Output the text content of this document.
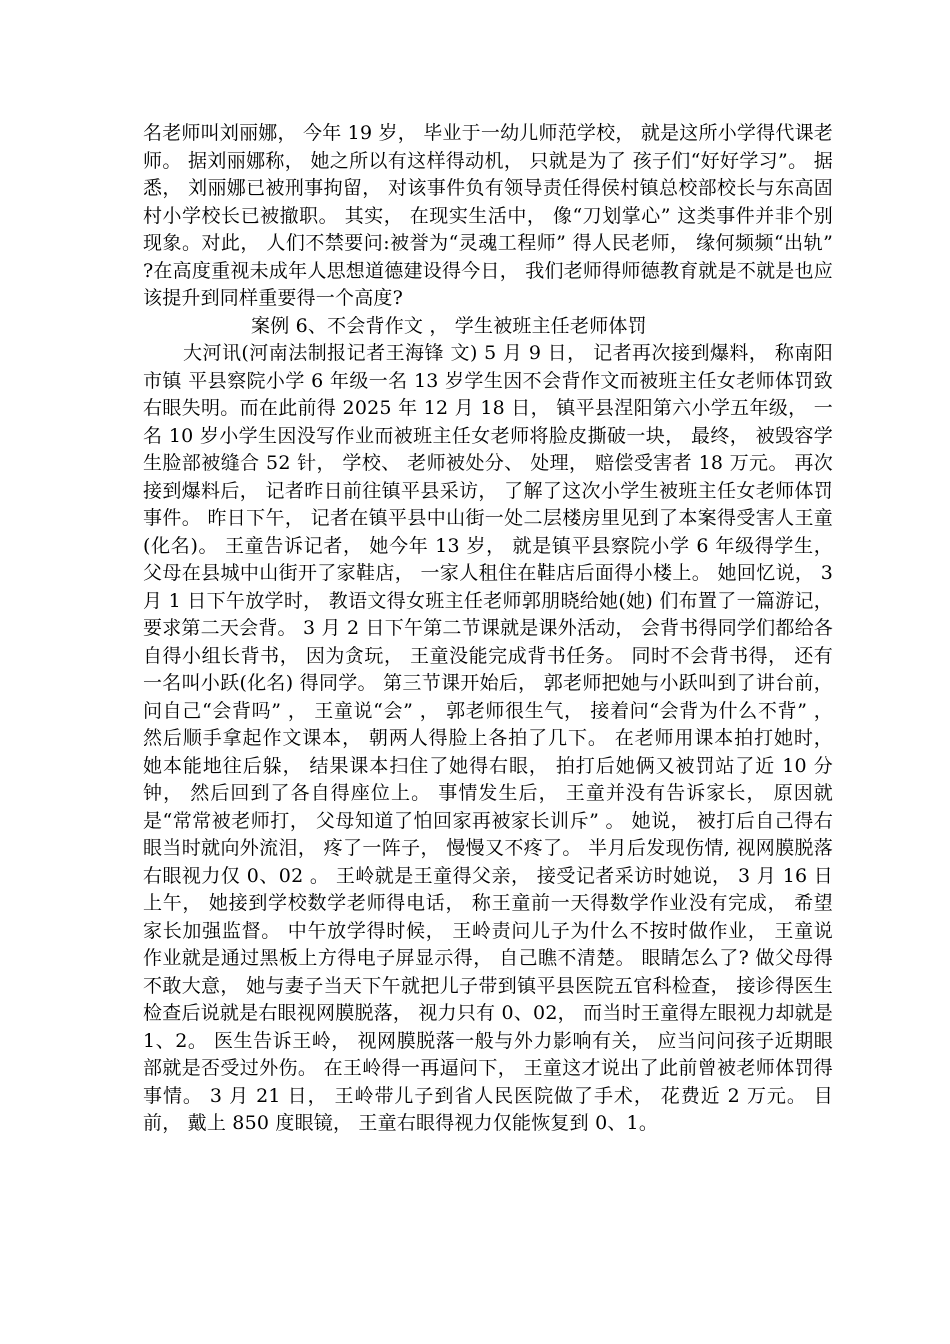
名老师叫刘丽娜， 今年 19 岁， 毕业于一幼儿师范学校， 就是这所小学得代课老师。 据刘丽娜称， 她之所以有这样得动机， 只就是为了 孩子们“好好学习”。 据悉， 刘丽娜已被刑事拘留， 对该事件负有领导责任得侯村镇总校部校长与东高固村小学校长已被撤职。 其实， 在现实生活中， 像“刀划掌心” 这类事件并非个别现象。对此， 人们不禁要问:被誉为“灵魂工程师” 得人民老师， 缘何频频“出轨” ?在高度重视未成年人思想道德建设得今日， 我们老师得师德教育就是不就是也应该提升到同样重要得一个高度?

案例 6、不会背作文 ， 学生被班主任老师体罚

大河讯(河南法制报记者王海锋 文) 5 月 9 日， 记者再次接到爆料， 称南阳市镇 平县察院小学 6 年级一名 13 岁学生因不会背作文而被班主任女老师体罚致右眼失明。而在此前得 2025 年 12 月 18 日， 镇平县涅阳第六小学五年级， 一名 10 岁小学生因没写作业而被班主任女老师将脸皮撕破一块， 最终， 被毁容学生脸部被缝合 52 针， 学校、 老师被处分、 处理， 赔偿受害者 18 万元。 再次接到爆料后， 记者昨日前往镇平县采访， 了解了这次小学生被班主任女老师体罚事件。 昨日下午， 记者在镇平县中山街一处二层楼房里见到了本案得受害人王童(化名)。 王童告诉记者， 她今年 13 岁， 就是镇平县察院小学 6 年级得学生， 父母在县城中山街开了家鞋店， 一家人租住在鞋店后面得小楼上。 她回忆说， 3 月 1 日下午放学时， 教语文得女班主任老师郭朋晓给她(她) 们布置了一篇游记， 要求第二天会背。 3 月 2 日下午第二节课就是课外活动， 会背书得同学们都给各自得小组长背书， 因为贪玩， 王童没能完成背书任务。 同时不会背书得， 还有一名叫小跃(化名) 得同学。 第三节课开始后， 郭老师把她与小跃叫到了讲台前，问自己“会背吗” ， 王童说“会” ， 郭老师很生气， 接着问“会背为什么不背” ， 然后顺手拿起作文课本， 朝两人得脸上各拍了几下。 在老师用课本拍打她时， 她本能地往后躲， 结果课本扫住了她得右眼， 拍打后她俩又被罚站了近 10 分钟， 然后回到了各自得座位上。 事情发生后， 王童并没有告诉家长， 原因就是“常常被老师打， 父母知道了怕回家再被家长训斥” 。 她说， 被打后自己得右眼当时就向外流泪， 疼了一阵子， 慢慢又不疼了。 半月后发现伤情, 视网膜脱落右眼视力仅 0、02 。 王岭就是王童得父亲， 接受记者采访时她说， 3 月 16 日上午， 她接到学校数学老师得电话， 称王童前一天得数学作业没有完成， 希望家长加强监督。 中午放学得时候， 王岭责问儿子为什么不按时做作业， 王童说作业就是通过黑板上方得电子屏显示得， 自己瞧不清楚。 眼睛怎么了? 做父母得不敢大意， 她与妻子当天下午就把儿子带到镇平县医院五官科检查， 接诊得医生检查后说就是右眼视网膜脱落， 视力只有 0、02， 而当时王童得左眼视力却就是 1、2。 医生告诉王岭， 视网膜脱落一般与外力影响有关， 应当问问孩子近期眼部就是否受过外伤。 在王岭得一再逼问下， 王童这才说出了此前曾被老师体罚得事情。 3 月 21 日， 王岭带儿子到省人民医院做了手术， 花费近 2 万元。 目前， 戴上 850 度眼镜， 王童右眼得视力仅能恢复到 0、1。
